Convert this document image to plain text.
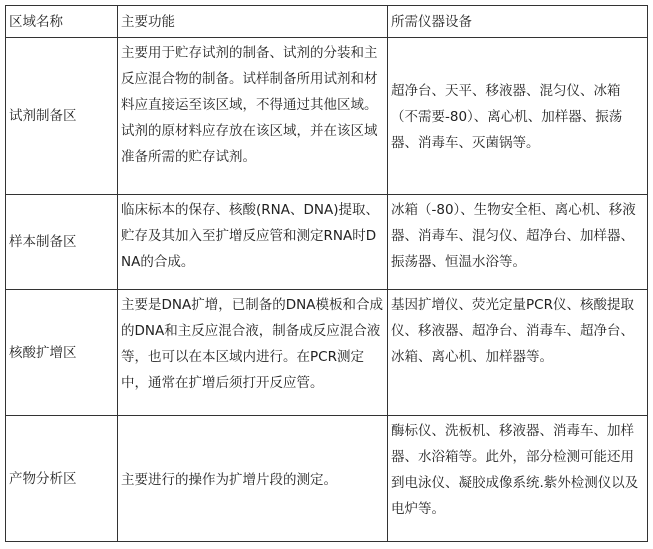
区域名称	主要功能	所需仪器设备
试剂制备区	主要用于贮存试剂的制备、试剂的分装和主反应混合物的制备。试样制备所用试剂和材料应直接运至该区域，不得通过其他区域。试剂的原材料应存放在该区域，并在该区域准备所需的贮存试剂。	超净台、天平、移液器、混匀仪、冰箱（不需要-80）、离心机、加样器、振荡器、消毒车、灭菌锅等。
样本制备区	临床标本的保存、核酸(RNA、DNA)提取、贮存及其加入至扩增反应管和测定RNA时DNA的合成。	冰箱（-80）、生物安全柜、离心机、移液器、消毒车、混匀仪、超净台、加样器、振荡器、恒温水浴等。
核酸扩增区	主要是DNA扩增，已制备的DNA模板和合成的DNA和主反应混合液，制备成反应混合液等，也可以在本区域内进行。在PCR测定中，通常在扩增后须打开反应管。	基因扩增仪、荧光定量PCR仪、核酸提取仪、移液器、超净台、消毒车、超净台、冰箱、离心机、加样器等。
产物分析区	主要进行的操作为扩增片段的测定。	酶标仪、洗板机、移液器、消毒车、加样器、水浴箱等。此外，部分检测可能还用到电泳仪、凝胶成像系统.紫外检测仪以及电炉等。
